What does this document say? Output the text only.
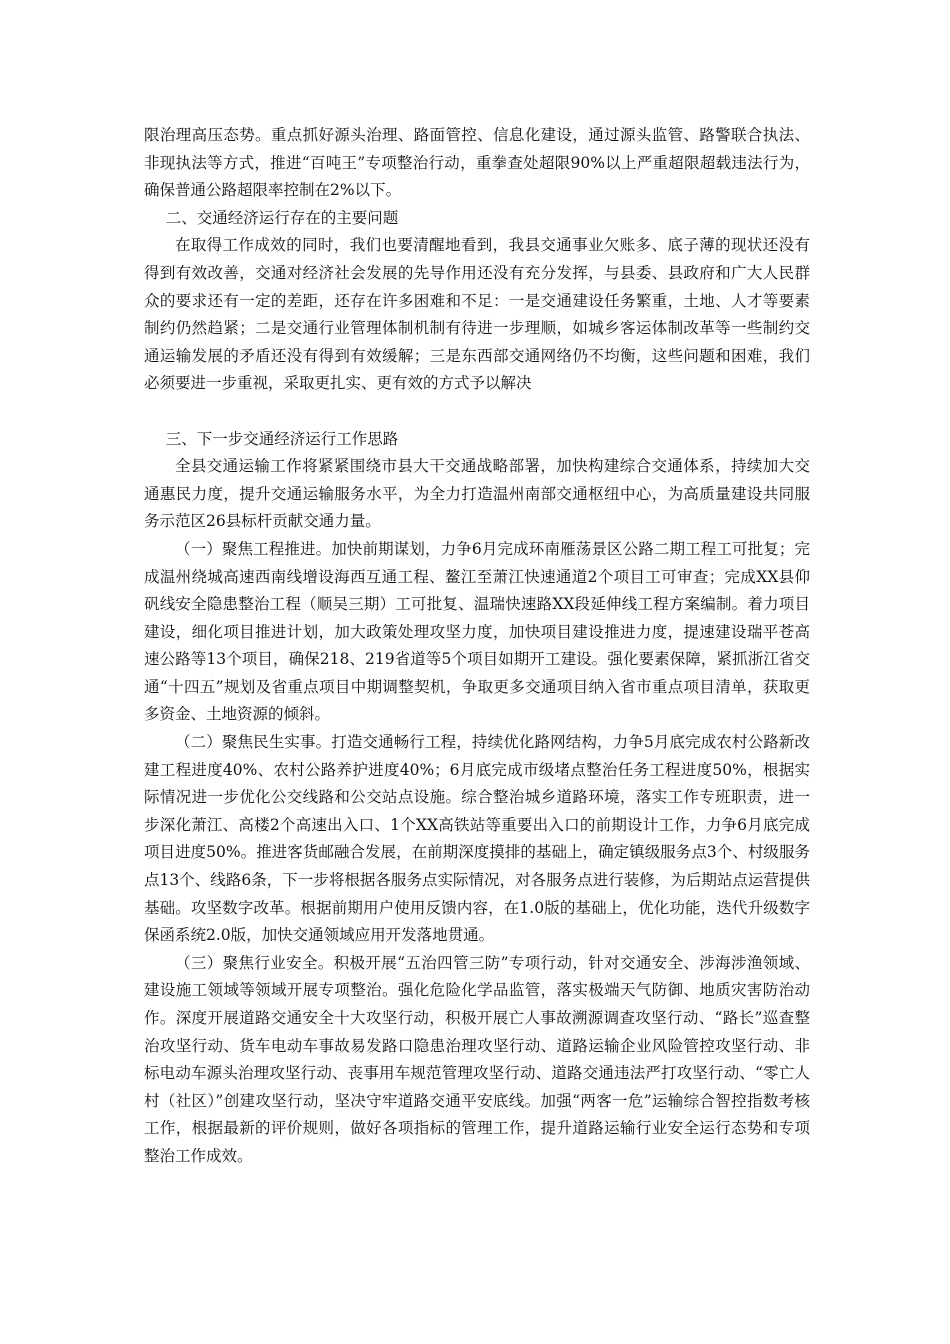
限治理高压态势。重点抓好源头治理、路面管控、信息化建设，通过源头监管、路警联合执法、非现执法等方式，推进“百吨王”专项整治行动，重拳查处超限90%以上严重超限超载违法行为，确保普通公路超限率控制在2%以下。

二、交通经济运行存在的主要问题

在取得工作成效的同时，我们也要清醒地看到，我县交通事业欠账多、底子薄的现状还没有得到有效改善，交通对经济社会发展的先导作用还没有充分发挥，与县委、县政府和广大人民群众的要求还有一定的差距，还存在许多困难和不足：一是交通建设任务繁重，土地、人才等要素制约仍然趋紧；二是交通行业管理体制机制有待进一步理顺，如城乡客运体制改革等一些制约交通运输发展的矛盾还没有得到有效缓解；三是东西部交通网络仍不均衡，这些问题和困难，我们必须要进一步重视，采取更扎实、更有效的方式予以解决

三、下一步交通经济运行工作思路

全县交通运输工作将紧紧围绕市县大干交通战略部署，加快构建综合交通体系，持续加大交通惠民力度，提升交通运输服务水平，为全力打造温州南部交通枢纽中心，为高质量建设共同服务示范区26县标杆贡献交通力量。

（一）聚焦工程推进。加快前期谋划，力争6月完成环南雁荡景区公路二期工程工可批复；完成温州绕城高速西南线增设海西互通工程、鳌江至萧江快速通道2个项目工可审查；完成XX县仰矾线安全隐患整治工程（顺吴三期）工可批复、温瑞快速路XX段延伸线工程方案编制。着力项目建设，细化项目推进计划，加大政策处理攻坚力度，加快项目建设推进力度，提速建设瑞平苍高速公路等13个项目，确保218、219省道等5个项目如期开工建设。强化要素保障，紧抓浙江省交通“十四五”规划及省重点项目中期调整契机，争取更多交通项目纳入省市重点项目清单，获取更多资金、土地资源的倾斜。

（二）聚焦民生实事。打造交通畅行工程，持续优化路网结构，力争5月底完成农村公路新改建工程进度40%、农村公路养护进度40%；6月底完成市级堵点整治任务工程进度50%，根据实际情况进一步优化公交线路和公交站点设施。综合整治城乡道路环境，落实工作专班职责，进一步深化萧江、高楼2个高速出入口、1个XX高铁站等重要出入口的前期设计工作，力争6月底完成项目进度50%。推进客货邮融合发展，在前期深度摸排的基础上，确定镇级服务点3个、村级服务点13个、线路6条，下一步将根据各服务点实际情况，对各服务点进行装修，为后期站点运营提供基础。攻坚数字改革。根据前期用户使用反馈内容，在1.0版的基础上，优化功能，迭代升级数字保函系统2.0版，加快交通领域应用开发落地贯通。

（三）聚焦行业安全。积极开展“五治四管三防”专项行动，针对交通安全、涉海涉渔领域、建设施工领域等领域开展专项整治。强化危险化学品监管，落实极端天气防御、地质灾害防治动作。深度开展道路交通安全十大攻坚行动，积极开展亡人事故溯源调查攻坚行动、“路长”巡查整治攻坚行动、货车电动车事故易发路口隐患治理攻坚行动、道路运输企业风险管控攻坚行动、非标电动车源头治理攻坚行动、丧事用车规范管理攻坚行动、道路交通违法严打攻坚行动、“零亡人村（社区）”创建攻坚行动，坚决守牢道路交通平安底线。加强“两客一危”运输综合智控指数考核工作，根据最新的评价规则，做好各项指标的管理工作，提升道路运输行业安全运行态势和专项整治工作成效。
